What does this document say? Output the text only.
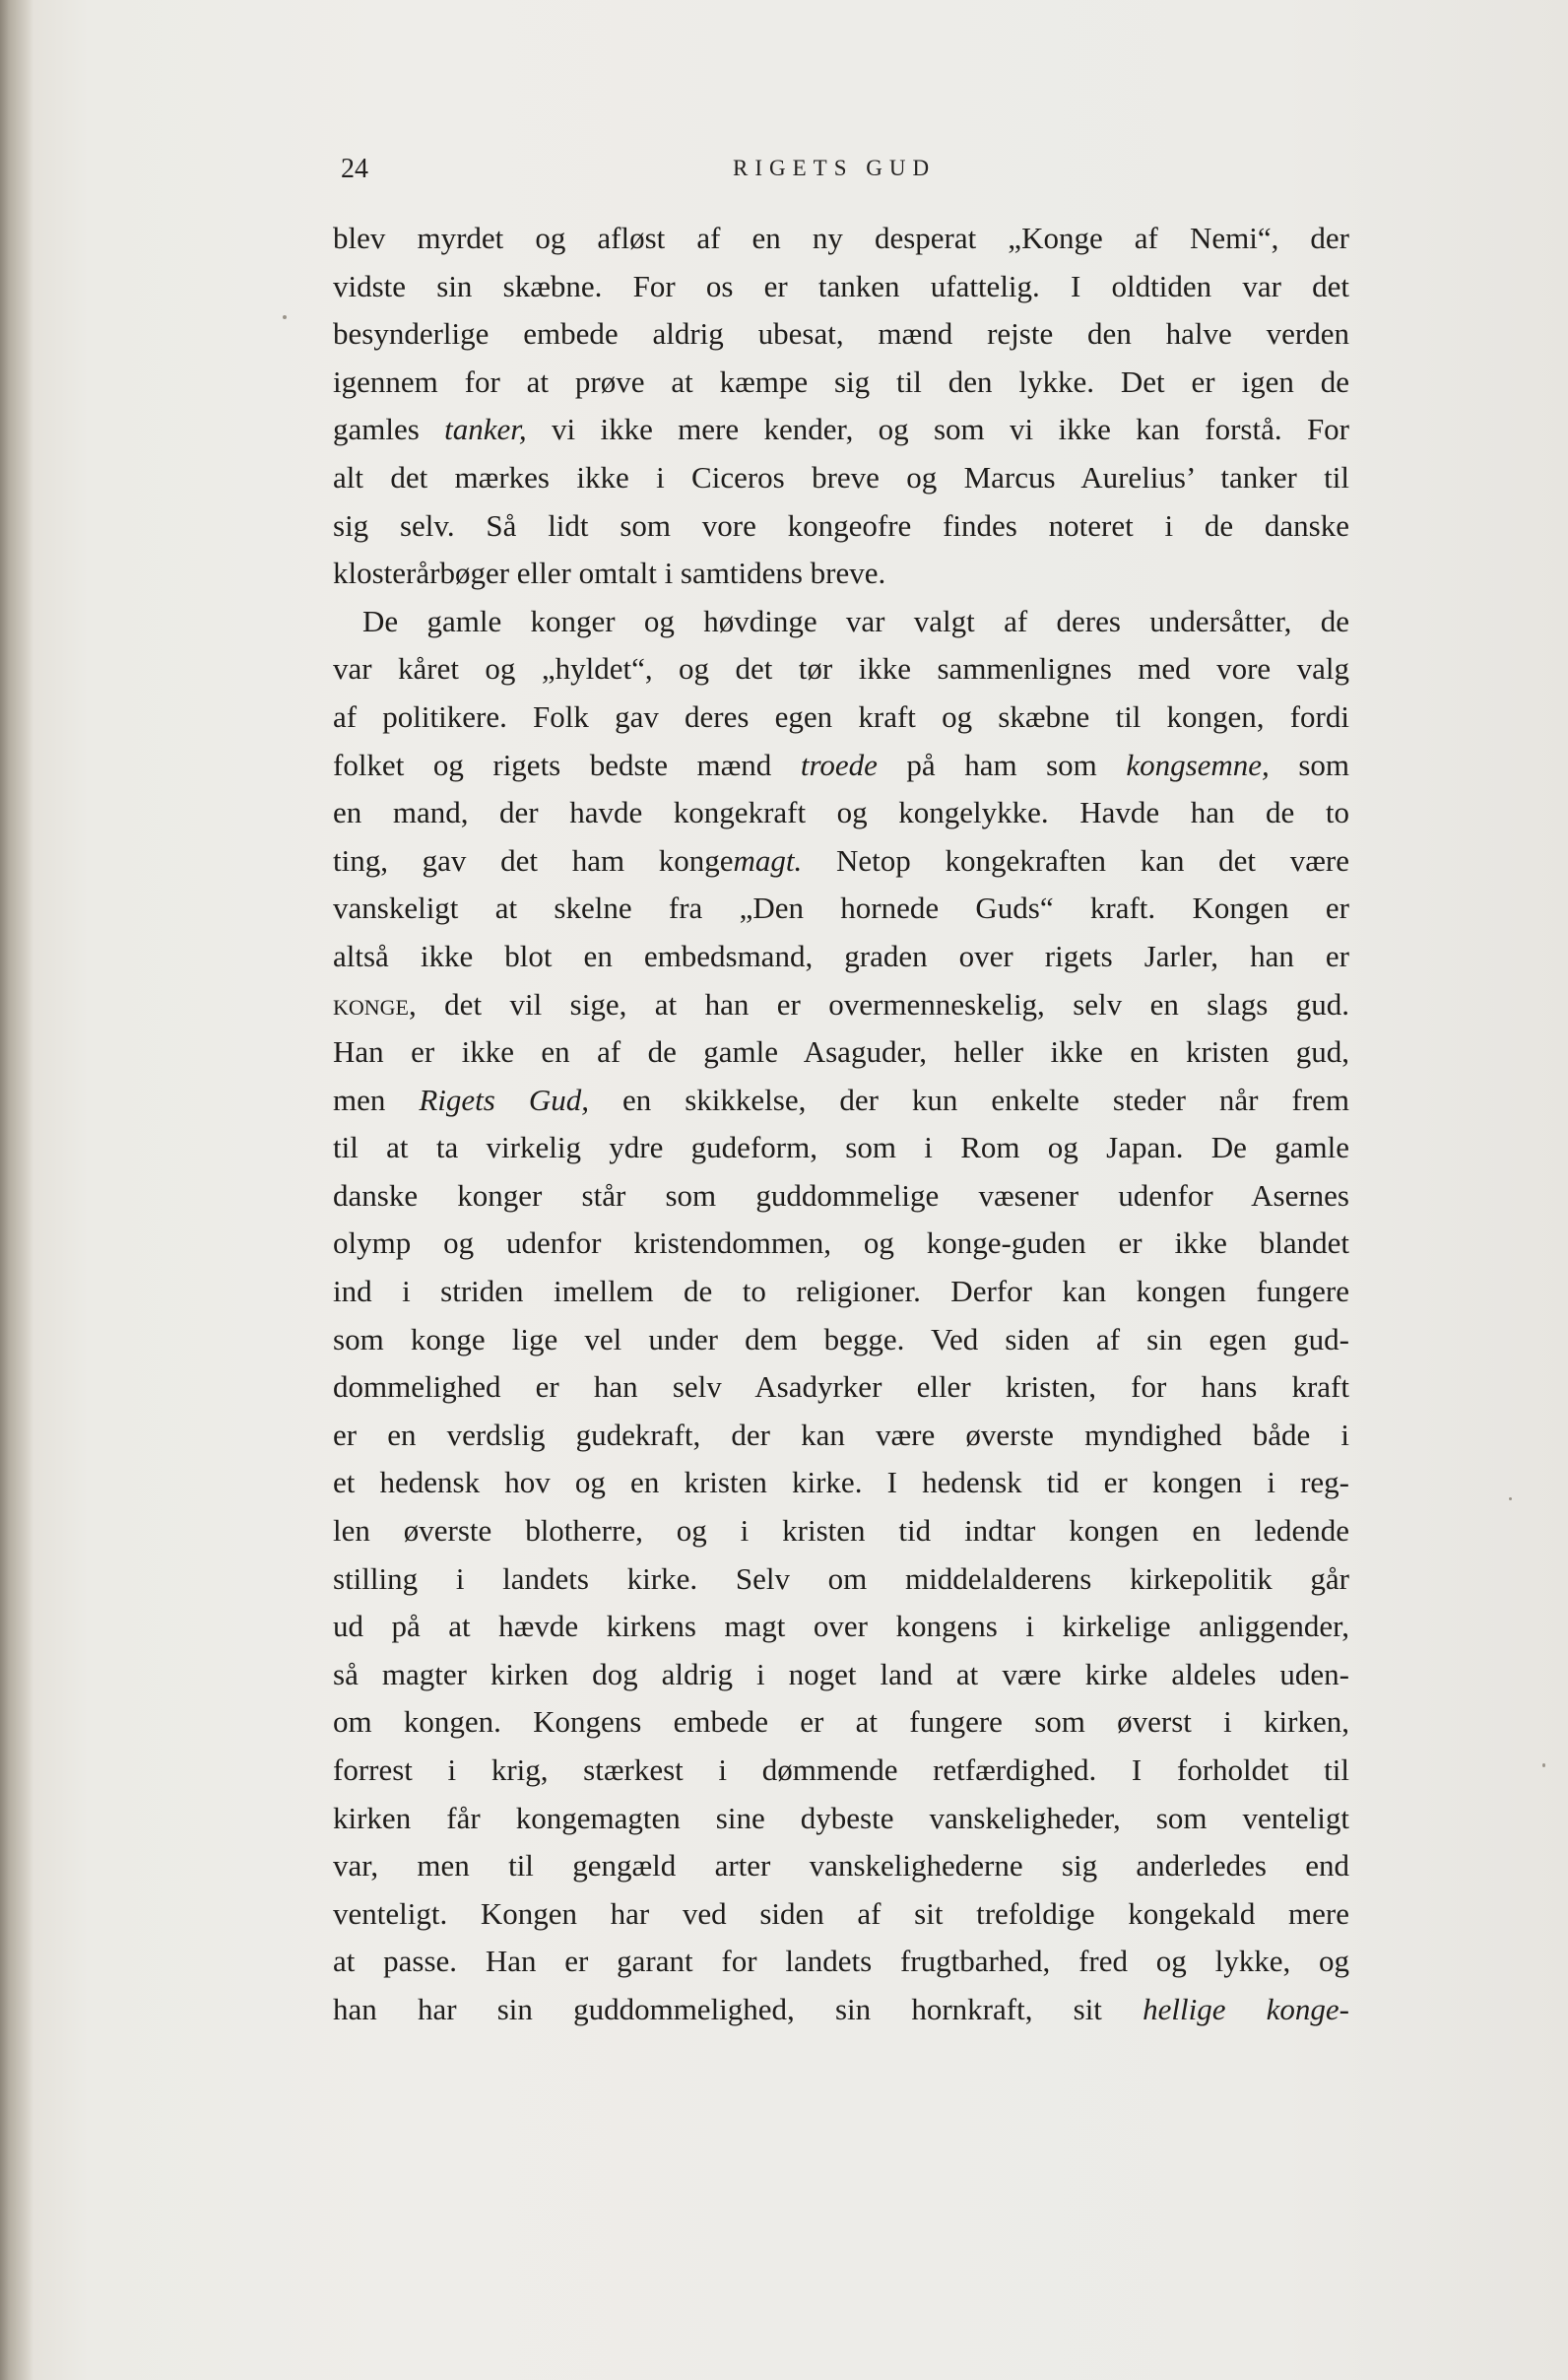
24	RIGETS GUD

blev myrdet og afløst af en ny desperat „Konge af Nemi“, der
vidste sin skæbne. For os er tanken ufattelig. I oldtiden var det
besynderlige embede aldrig ubesat, mænd rejste den halve verden
igennem for at prøve at kæmpe sig til den lykke. Det er igen de
gamles tanker, vi ikke mere kender, og som vi ikke kan forstå. For
alt det mærkes ikke i Ciceros breve og Marcus Aurelius’ tanker til
sig selv. Så lidt som vore kongeofre findes noteret i de danske
klosterårbøger eller omtalt i samtidens breve.

De gamle konger og høvdinge var valgt af deres undersåtter, de
var kåret og „hyldet“, og det tør ikke sammenlignes med vore valg
af politikere. Folk gav deres egen kraft og skæbne til kongen, fordi
folket og rigets bedste mænd troede på ham som kongsemne, som
en mand, der havde kongekraft og kongelykke. Havde han de to
ting, gav det ham kongemagt. Netop kongekraften kan det være
vanskeligt at skelne fra „Den hornede Guds“ kraft. Kongen er
altså ikke blot en embedsmand, graden over rigets Jarler, han er
konge, det vil sige, at han er overmenneskelig, selv en slags gud.
Han er ikke en af de gamle Asaguder, heller ikke en kristen gud,
men Rigets Gud, en skikkelse, der kun enkelte steder når frem
til at ta virkelig ydre gudeform, som i Rom og Japan. De gamle
danske konger står som guddommelige væsener udenfor Asernes
olymp og udenfor kristendommen, og konge-guden er ikke blandet
ind i striden imellem de to religioner. Derfor kan kongen fungere
som konge lige vel under dem begge. Ved siden af sin egen gud-
dommelighed er han selv Asadyrker eller kristen, for hans kraft
er en verdslig gudekraft, der kan være øverste myndighed både i
et hedensk hov og en kristen kirke. I hedensk tid er kongen i reg-
len øverste blotherre, og i kristen tid indtar kongen en ledende
stilling i landets kirke. Selv om middelalderens kirkepolitik går
ud på at hævde kirkens magt over kongens i kirkelige anliggender,
så magter kirken dog aldrig i noget land at være kirke aldeles uden-
om kongen. Kongens embede er at fungere som øverst i kirken,
forrest i krig, stærkest i dømmende retfærdighed. I forholdet til
kirken får kongemagten sine dybeste vanskeligheder, som venteligt
var, men til gengæld arter vanskelighederne sig anderledes end
venteligt. Kongen har ved siden af sit trefoldige kongekald mere
at passe. Han er garant for landets frugtbarhed, fred og lykke, og
han har sin guddommelighed, sin hornkraft, sit hellige konge-
